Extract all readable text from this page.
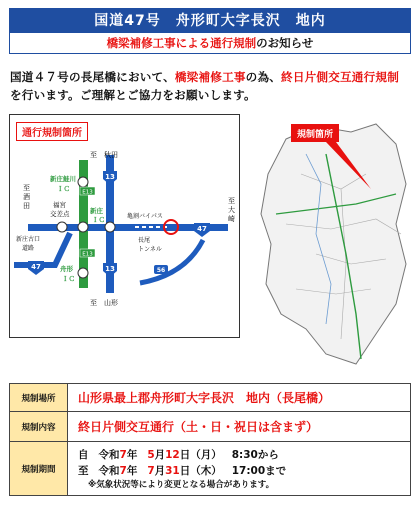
国道47号　舟形町大字長沢　地内
橋梁補修工事による通行規制のお知らせ
国道４７号の長尾橋において、橋梁補修工事の為、終日片側交互通行規制を行います。ご理解とご協力をお願いします。
通行規制箇所
13
13
47
47	56
E13
E13
至　秋田
至　山形
至
酒
田
至
大
崎
新庄鮭川
ＩＣ
福宮
交差点	新庄
ＩＣ
舟形
ＩＣ
新庄古口
道路
亀割バイパス
長尾
トンネル
規制箇所
規制場所	山形県最上郡舟形町大字長沢　地内（長尾橋）
規制内容	終日片側交互通行（土・日・祝日は含まず）
規制期間	自 令和7年 5月12日（月） 8:30から
至 令和7年 7月31日（木） 17:00まで
※気象状況等により変更となる場合があります。
